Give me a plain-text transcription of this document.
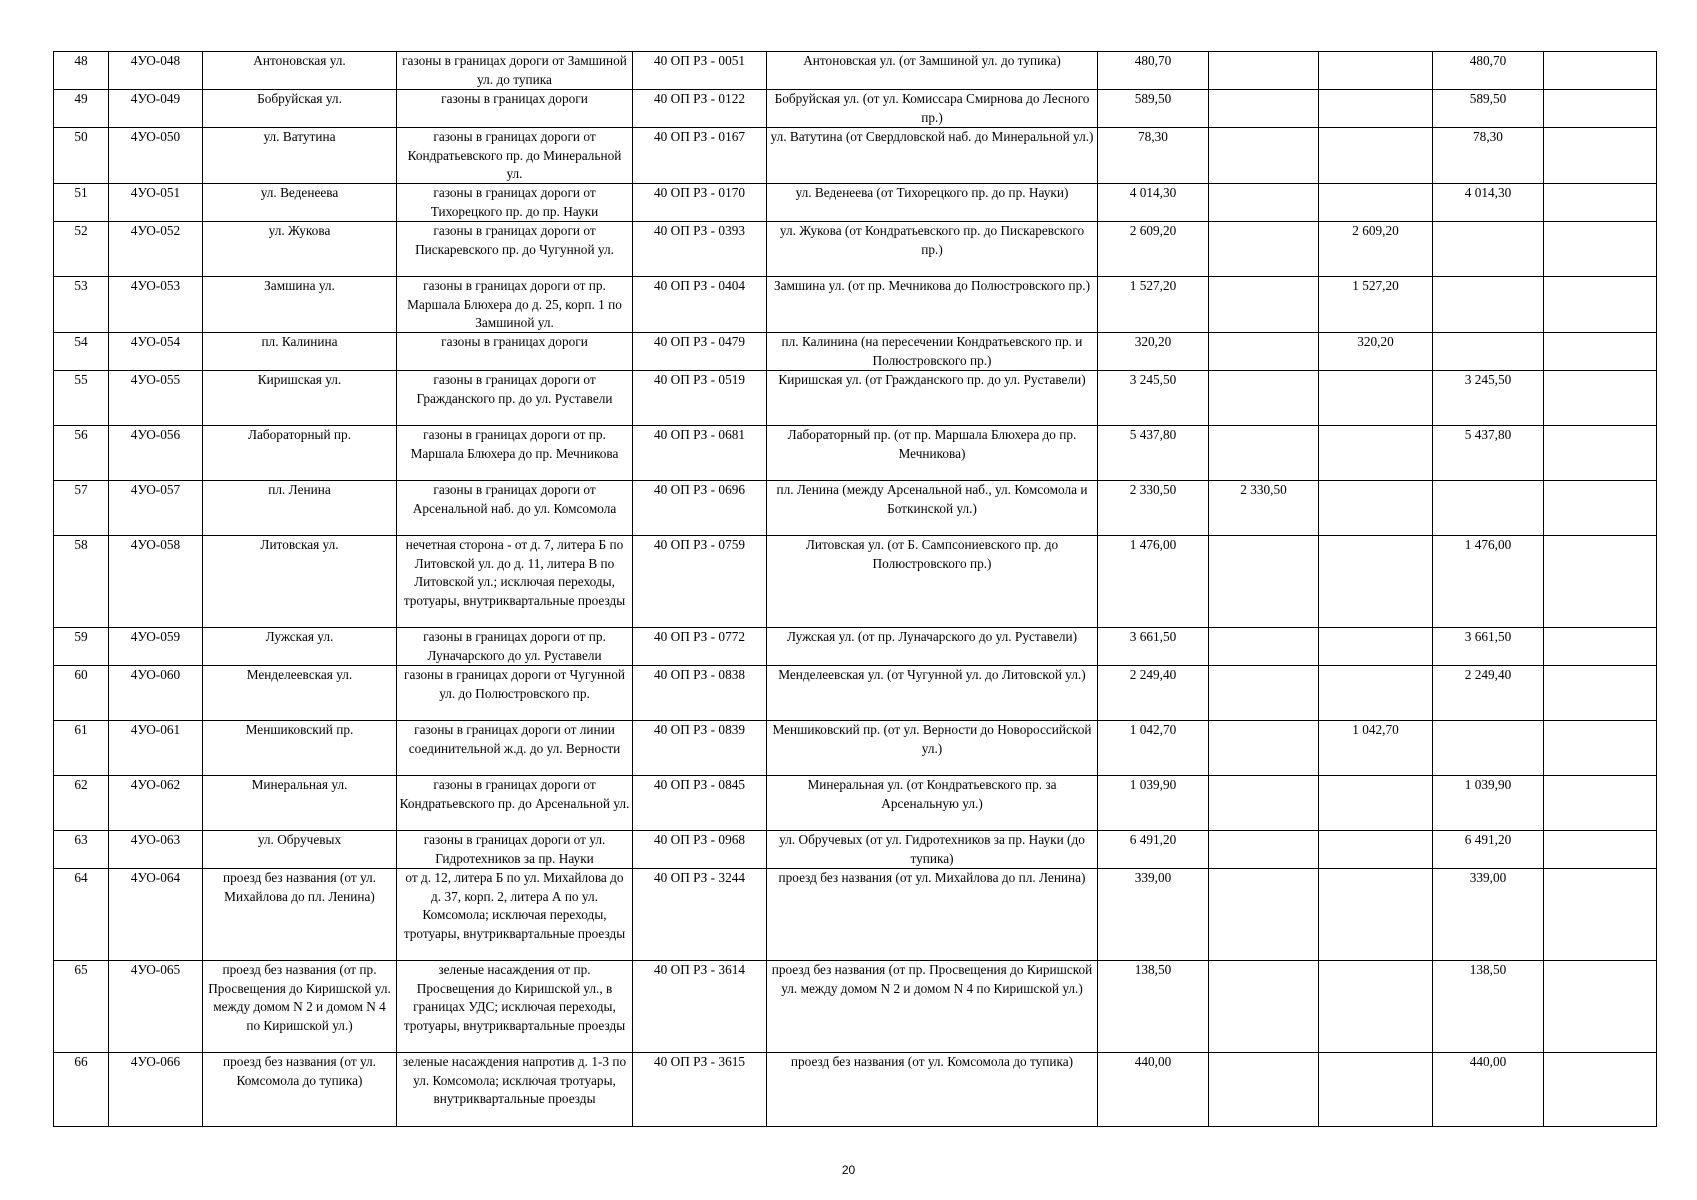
48	4УО-048	Антоновская ул.	газоны в границах дороги от Замшиной ул. до тупика	40 ОП РЗ - 0051	Антоновская ул. (от Замшиной ул. до тупика)	480,70			480,70	

49	4УО-049	Бобруйская ул.	газоны в границах дороги	40 ОП РЗ - 0122	Бобруйская ул. (от ул. Комиссара Смирнова до Лесного пр.)	589,50			589,50	

50	4УО-050	ул. Ватутина	газоны в границах дороги от Кондратьевского пр. до Минеральной ул.	40 ОП РЗ - 0167	ул. Ватутина (от Свердловской наб. до Минеральной ул.)	78,30			78,30	

51	4УО-051	ул. Веденеева	газоны в границах дороги от Тихорецкого пр. до пр. Науки	40 ОП РЗ - 0170	ул. Веденеева (от Тихорецкого пр. до пр. Науки)	4 014,30			4 014,30	

52	4УО-052	ул. Жукова	газоны в границах дороги от Пискаревского пр. до Чугунной ул.	40 ОП РЗ - 0393	ул. Жукова (от Кондратьевского пр. до Пискаревского пр.)	2 609,20		2 609,20		

53	4УО-053	Замшина ул.	газоны в границах дороги от пр. Маршала Блюхера до д. 25, корп. 1 по Замшиной ул.	40 ОП РЗ - 0404	Замшина ул. (от пр. Мечникова до Полюстровского пр.)	1 527,20		1 527,20		

54	4УО-054	пл. Калинина	газоны в границах дороги	40 ОП РЗ - 0479	пл. Калинина (на пересечении Кондратьевского пр. и Полюстровского пр.)	320,20		320,20		

55	4УО-055	Киришская ул.	газоны в границах дороги от Гражданского пр. до ул. Руставели	40 ОП РЗ - 0519	Киришская ул. (от Гражданского пр. до ул. Руставели)	3 245,50			3 245,50	

56	4УО-056	Лабораторный пр.	газоны в границах дороги от пр. Маршала Блюхера до пр. Мечникова	40 ОП РЗ - 0681	Лабораторный пр. (от пр. Маршала Блюхера до пр. Мечникова)	5 437,80			5 437,80	

57	4УО-057	пл. Ленина	газоны в границах дороги от Арсенальной наб. до ул. Комсомола	40 ОП РЗ - 0696	пл. Ленина (между Арсенальной наб., ул. Комсомола и Боткинской ул.)	2 330,50	2 330,50			

58	4УО-058	Литовская ул.	нечетная сторона - от д. 7, литера Б по Литовской ул. до д. 11, литера В по Литовской ул.; исключая переходы, тротуары, внутриквартальные проезды	40 ОП РЗ - 0759	Литовская ул. (от Б. Сампсониевского пр. до Полюстровского пр.)	1 476,00			1 476,00	

59	4УО-059	Лужская ул.	газоны в границах дороги от пр. Луначарского до ул. Руставели	40 ОП РЗ - 0772	Лужская ул. (от пр. Луначарского до ул. Руставели)	3 661,50			3 661,50	

60	4УО-060	Менделеевская ул.	газоны в границах дороги от Чугунной ул. до Полюстровского пр.	40 ОП РЗ - 0838	Менделеевская ул. (от Чугунной ул. до Литовской ул.)	2 249,40			2 249,40	

61	4УО-061	Меншиковский пр.	газоны в границах дороги от линии соединительной ж.д. до ул. Верности	40 ОП РЗ - 0839	Меншиковский пр. (от ул. Верности до Новороссийской ул.)	1 042,70		1 042,70		

62	4УО-062	Минеральная ул.	газоны в границах дороги от Кондратьевского пр. до Арсенальной ул.	40 ОП РЗ - 0845	Минеральная ул. (от Кондратьевского пр. за Арсенальную ул.)	1 039,90			1 039,90	

63	4УО-063	ул. Обручевых	газоны в границах дороги от ул. Гидротехников за пр. Науки	40 ОП РЗ - 0968	ул. Обручевых (от ул. Гидротехников за пр. Науки (до тупика)	6 491,20			6 491,20	

64	4УО-064	проезд без названия (от ул. Михайлова до пл. Ленина)	от д. 12, литера Б по ул. Михайлова до д. 37, корп. 2, литера А по ул. Комсомола; исключая переходы, тротуары, внутриквартальные проезды	40 ОП РЗ - 3244	проезд без названия (от ул. Михайлова до пл. Ленина)	339,00			339,00	

65	4УО-065	проезд без названия (от пр. Просвещения до Киришской ул. между домом N 2 и домом N 4 по Киришской ул.)	зеленые насаждения от пр. Просвещения до Киришской ул., в границах УДС; исключая переходы, тротуары, внутриквартальные проезды	40 ОП РЗ - 3614	проезд без названия (от пр. Просвещения до Киришской ул. между домом N 2 и домом N 4 по Киришской ул.)	138,50			138,50	

66	4УО-066	проезд без названия (от ул. Комсомола до тупика)	зеленые насаждения напротив д. 1-3 по ул. Комсомола; исключая тротуары, внутриквартальные проезды	40 ОП РЗ - 3615	проезд без названия (от ул. Комсомола до тупика)	440,00			440,00	

20
